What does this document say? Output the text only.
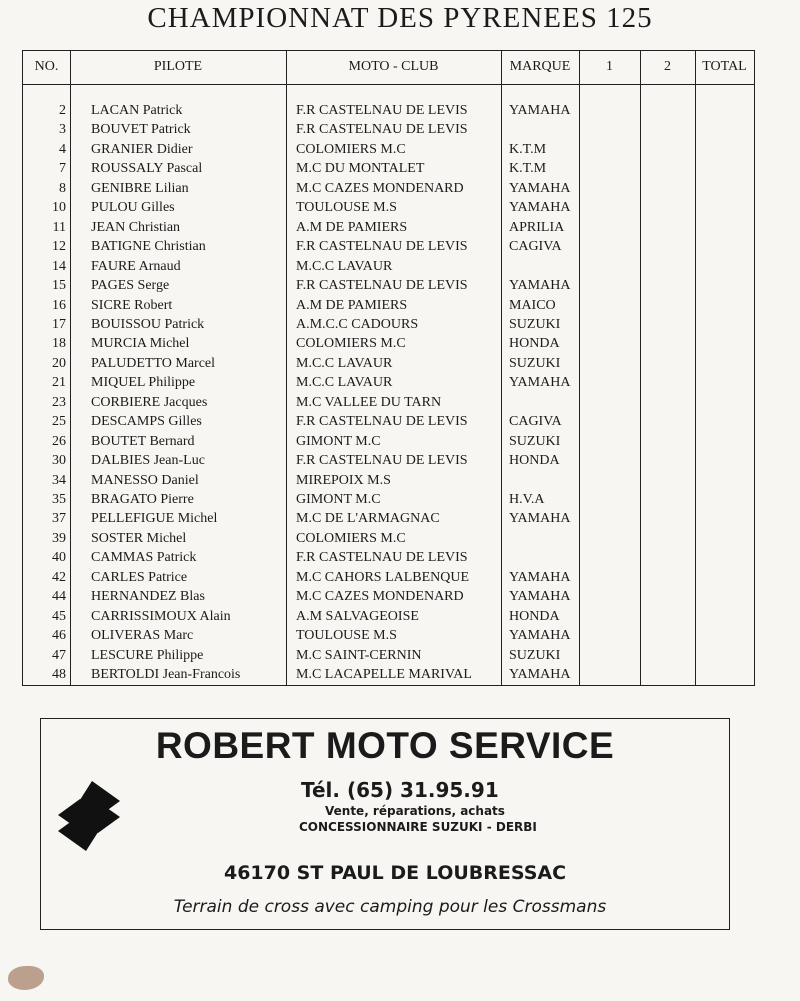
CHAMPIONNAT DES PYRENEES 125
NO.	PILOTE	MOTO - CLUB	MARQUE	1	2	TOTAL
2 LACAN Patrick	F.R CASTELNAU DE LEVIS	YAMAHA
3 BOUVET Patrick	F.R CASTELNAU DE LEVIS
4 GRANIER Didier	COLOMIERS M.C	K.T.M
7 ROUSSALY Pascal	M.C DU MONTALET	K.T.M
8 GENIBRE Lilian	M.C CAZES MONDENARD	YAMAHA
10 PULOU Gilles	TOULOUSE M.S	YAMAHA
11 JEAN Christian	A.M DE PAMIERS	APRILIA
12 BATIGNE Christian	F.R CASTELNAU DE LEVIS	CAGIVA
14 FAURE Arnaud	M.C.C LAVAUR
15 PAGES Serge	F.R CASTELNAU DE LEVIS	YAMAHA
16 SICRE Robert	A.M DE PAMIERS	MAICO
17 BOUISSOU Patrick	A.M.C.C CADOURS	SUZUKI
18 MURCIA Michel	COLOMIERS M.C	HONDA
20 PALUDETTO Marcel	M.C.C LAVAUR	SUZUKI
21 MIQUEL Philippe	M.C.C LAVAUR	YAMAHA
23 CORBIERE Jacques	M.C VALLEE DU TARN
25 DESCAMPS Gilles	F.R CASTELNAU DE LEVIS	CAGIVA
26 BOUTET Bernard	GIMONT M.C	SUZUKI
30 DALBIES Jean-Luc	F.R CASTELNAU DE LEVIS	HONDA
34 MANESSO Daniel	MIREPOIX M.S
35 BRAGATO Pierre	GIMONT M.C	H.V.A
37 PELLEFIGUE Michel	M.C DE L'ARMAGNAC	YAMAHA
39 SOSTER Michel	COLOMIERS M.C
40 CAMMAS Patrick	F.R CASTELNAU DE LEVIS
42 CARLES Patrice	M.C CAHORS LALBENQUE	YAMAHA
44 HERNANDEZ Blas	M.C CAZES MONDENARD	YAMAHA
45 CARRISSIMOUX Alain	A.M SALVAGEOISE	HONDA
46 OLIVERAS Marc	TOULOUSE M.S	YAMAHA
47 LESCURE Philippe	M.C SAINT-CERNIN	SUZUKI
48 BERTOLDI Jean-Francois	M.C LACAPELLE MARIVAL	YAMAHA
ROBERT MOTO SERVICE
Tél. (65) 31.95.91
Vente, réparations, achats
CONCESSIONNAIRE SUZUKI - DERBI
46170 ST PAUL DE LOUBRESSAC
Terrain de cross avec camping pour les Crossmans
